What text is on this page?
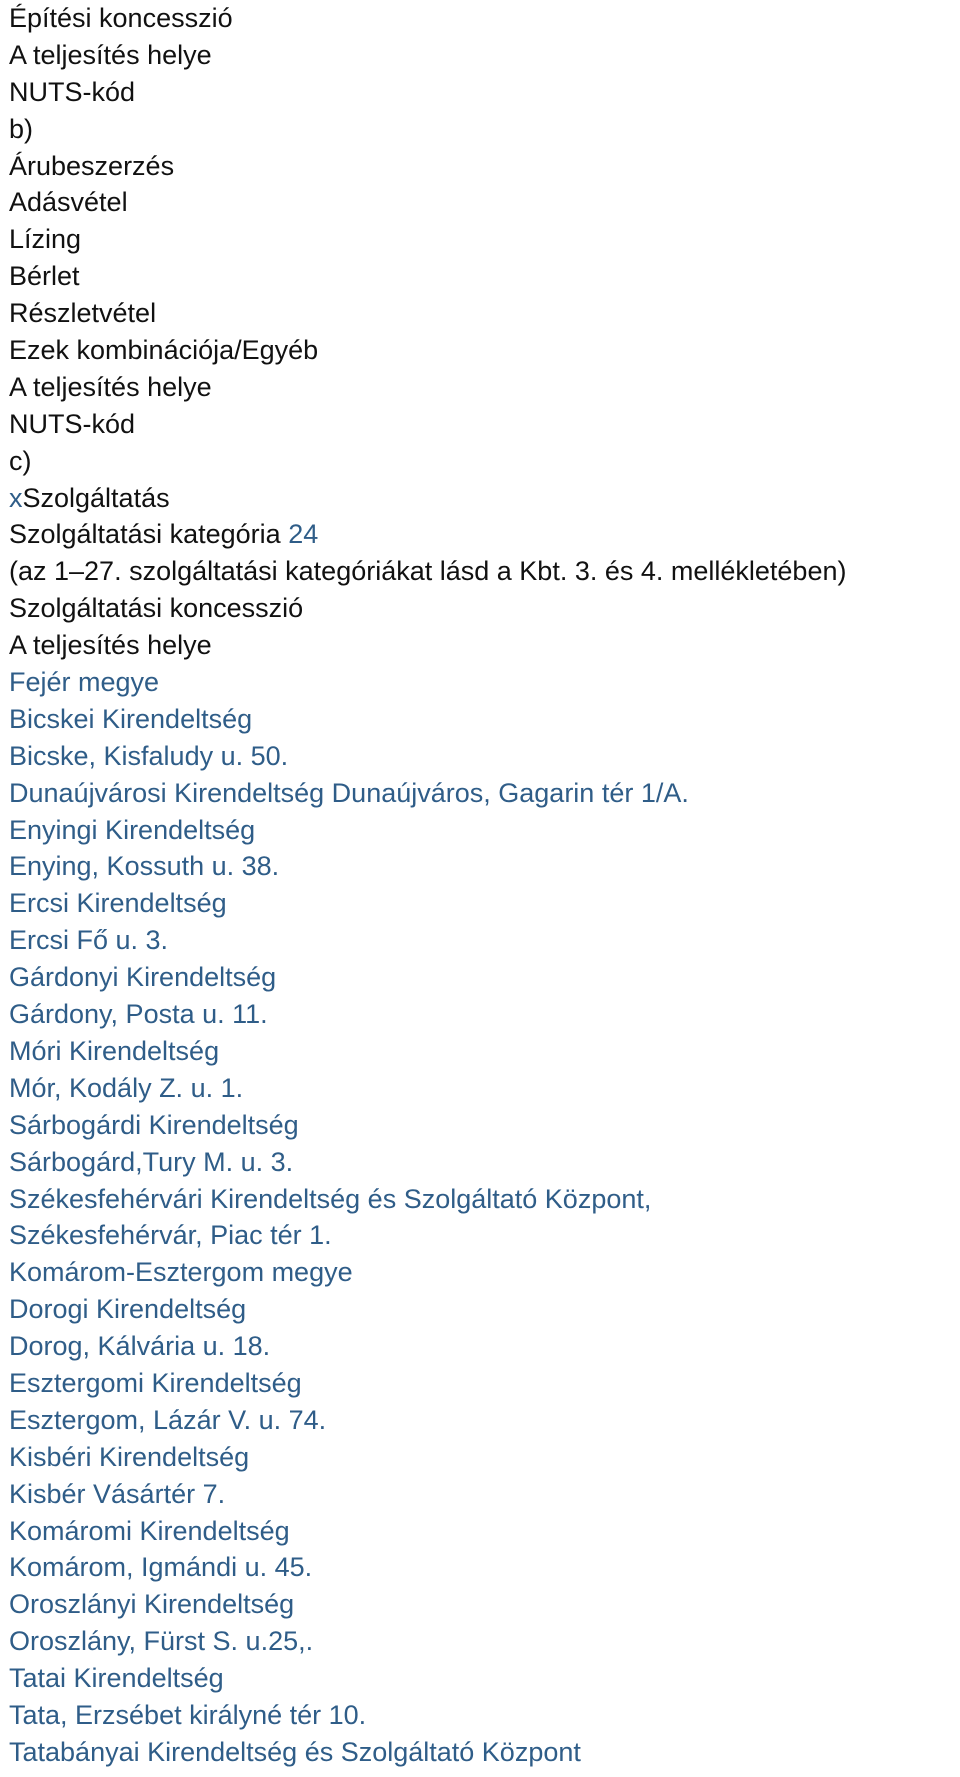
Építési koncesszió
A teljesítés helye
NUTS-kód
b)
Árubeszerzés
Adásvétel
Lízing
Bérlet
Részletvétel
Ezek kombinációja/Egyéb
A teljesítés helye
NUTS-kód
c)
xSzolgáltatás
Szolgáltatási kategória 24
(az 1–27. szolgáltatási kategóriákat lásd a Kbt. 3. és 4. mellékletében)
Szolgáltatási koncesszió
A teljesítés helye
Fejér megye
Bicskei Kirendeltség
Bicske, Kisfaludy u. 50.
Dunaújvárosi Kirendeltség Dunaújváros, Gagarin tér 1/A.
Enyingi Kirendeltség
Enying, Kossuth u. 38.
Ercsi Kirendeltség
Ercsi Fő u. 3.
Gárdonyi Kirendeltség
Gárdony, Posta u. 11.
Móri Kirendeltség
Mór, Kodály Z. u. 1.
Sárbogárdi Kirendeltség
Sárbogárd,Tury M. u. 3.
Székesfehérvári Kirendeltség és Szolgáltató Központ,
Székesfehérvár, Piac tér 1.
Komárom-Esztergom megye
Dorogi Kirendeltség
Dorog, Kálvária u. 18.
Esztergomi Kirendeltség
Esztergom, Lázár V. u. 74.
Kisbéri Kirendeltség
Kisbér Vásártér 7.
Komáromi Kirendeltség
Komárom, Igmándi u. 45.
Oroszlányi Kirendeltség
Oroszlány, Fürst S. u.25,.
Tatai Kirendeltség
Tata, Erzsébet királyné tér 10.
Tatabányai Kirendeltség és Szolgáltató Központ
